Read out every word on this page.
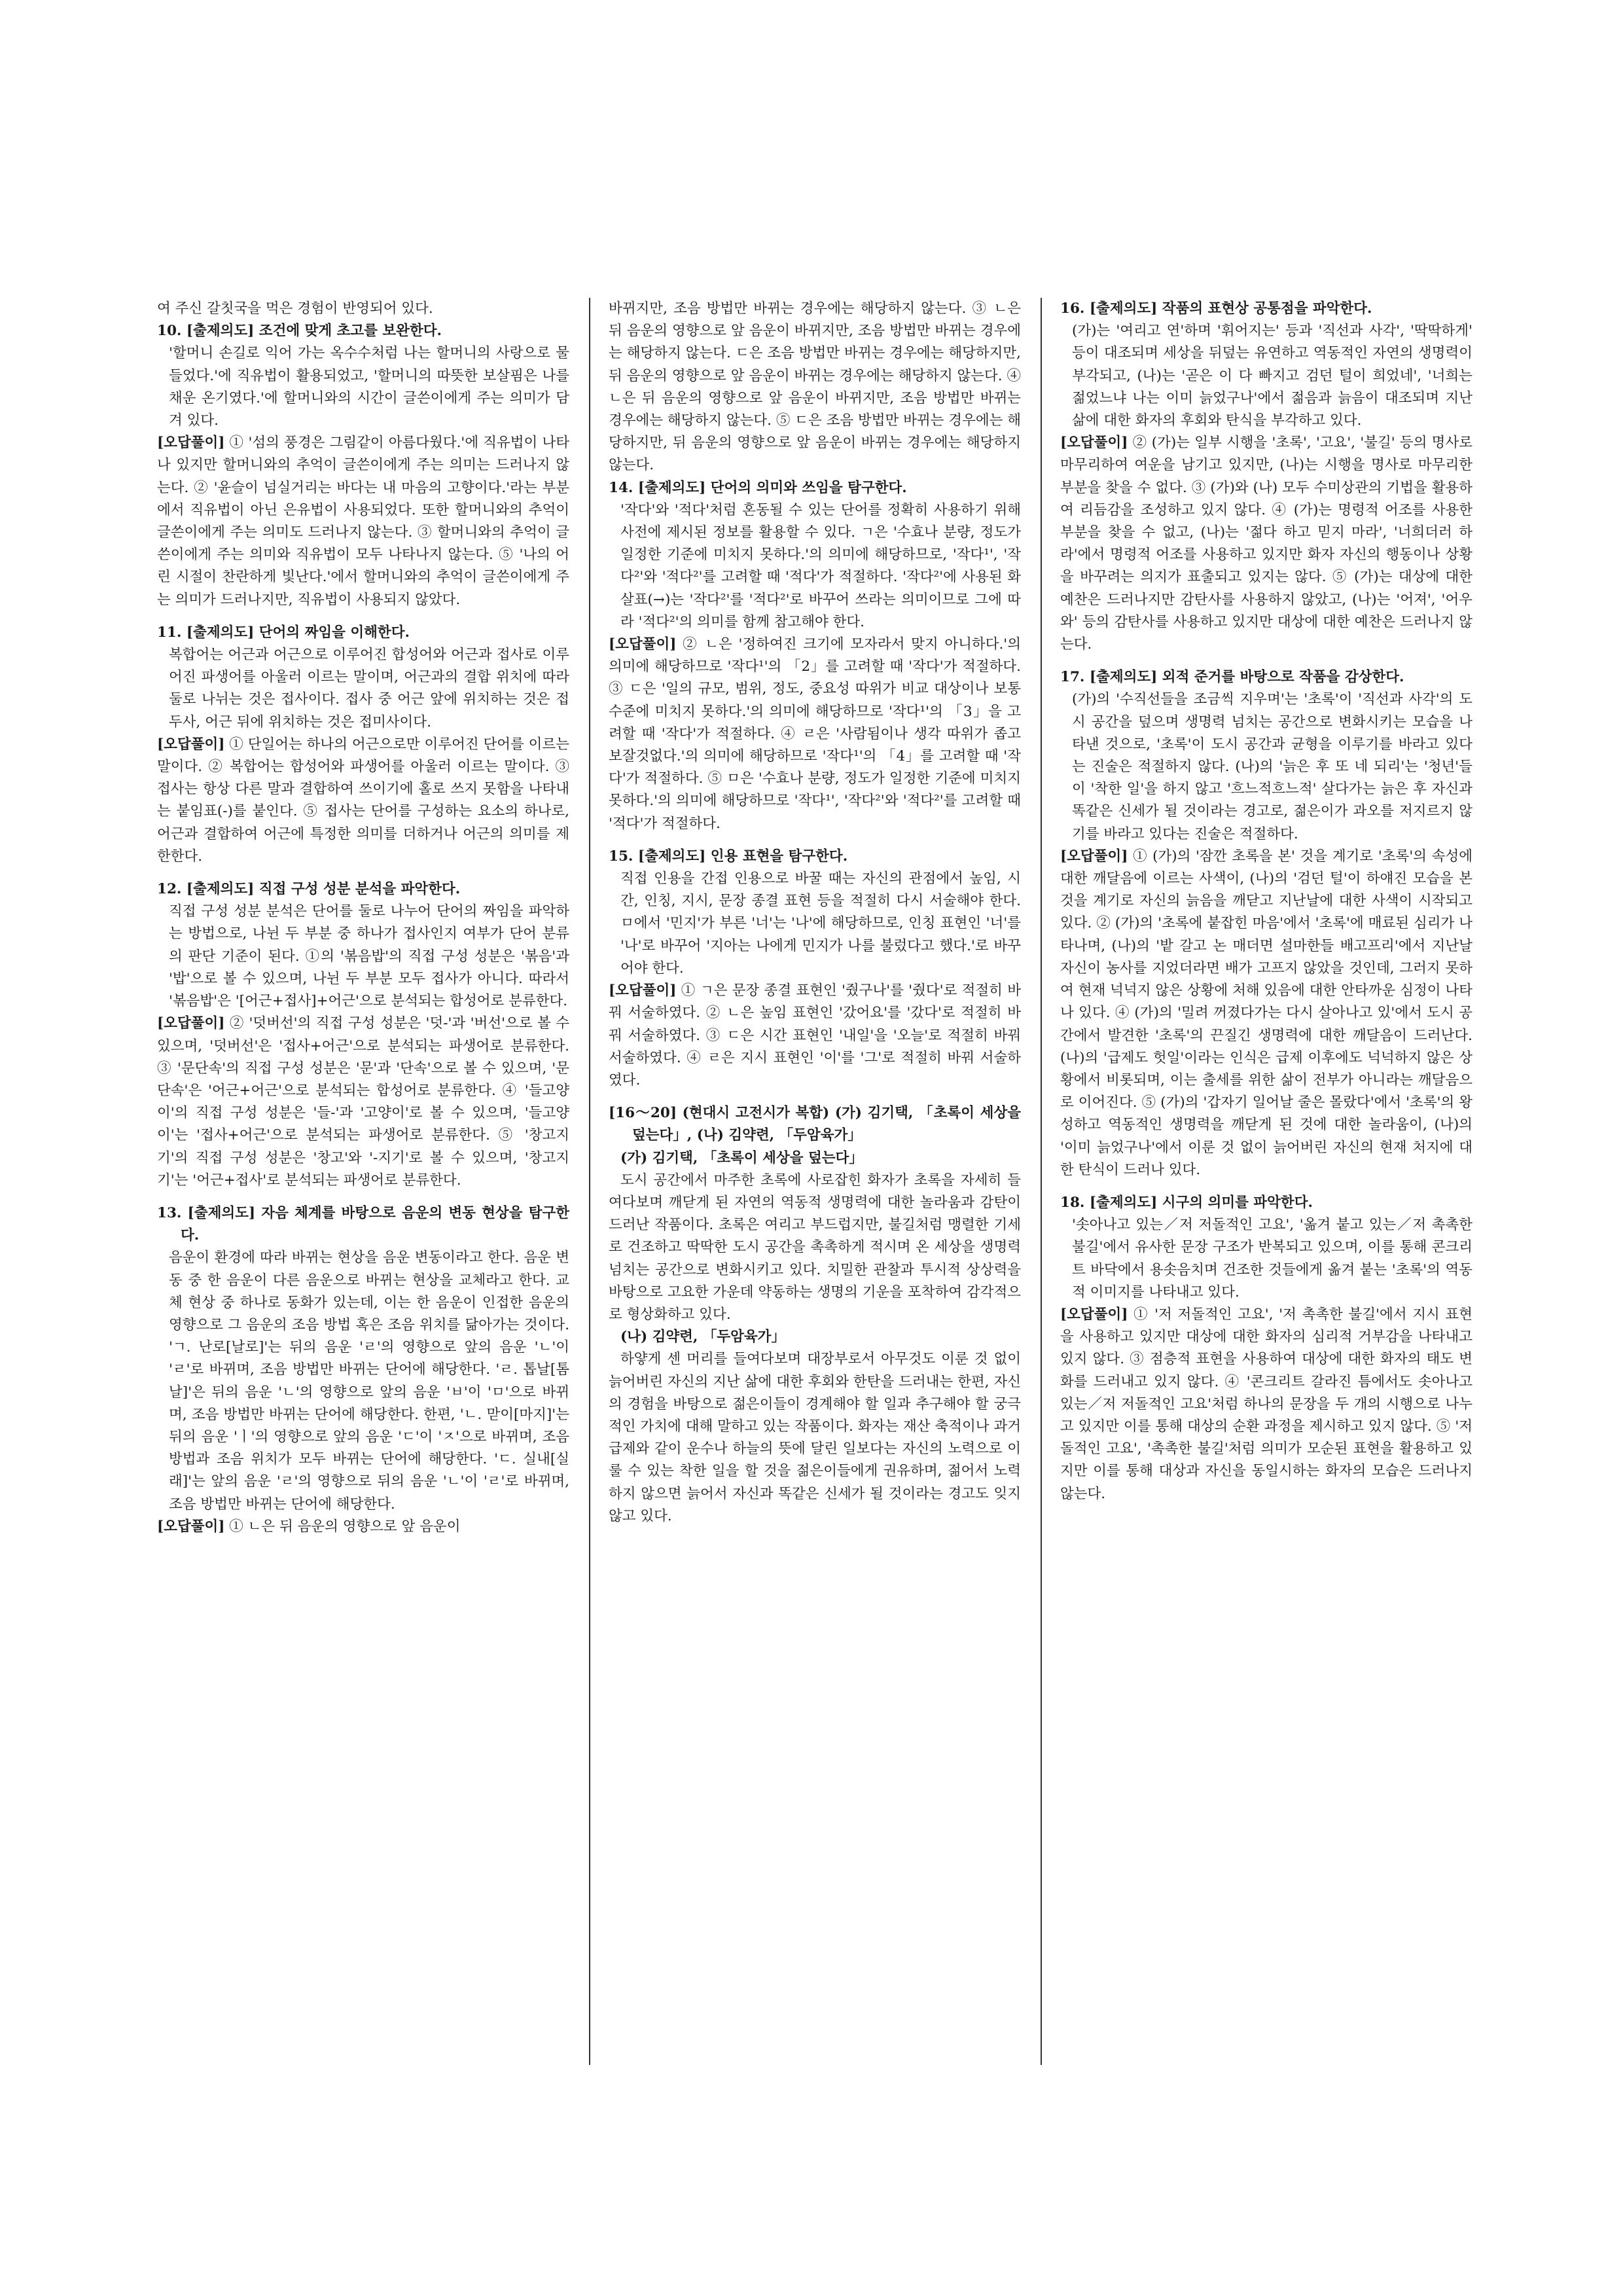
여 주신 갈칫국을 먹은 경험이 반영되어 있다.

10. [출제의도] 조건에 맞게 초고를 보완한다.

'할머니 손길로 익어 가는 옥수수처럼 나는 할머니의 사랑으로 물들었다.'에 직유법이 활용되었고, '할머니의 따뜻한 보살핌은 나를 채운 온기였다.'에 할머니와의 시간이 글쓴이에게 주는 의미가 담겨 있다.

[오답풀이] ① '섬의 풍경은 그림같이 아름다웠다.'에 직유법이 나타나 있지만 할머니와의 추억이 글쓴이에게 주는 의미는 드러나지 않는다. ② '윤슬이 넘실거리는 바다는 내 마음의 고향이다.'라는 부분에서 직유법이 아닌 은유법이 사용되었다. 또한 할머니와의 추억이 글쓴이에게 주는 의미도 드러나지 않는다. ③ 할머니와의 추억이 글쓴이에게 주는 의미와 직유법이 모두 나타나지 않는다. ⑤ '나의 어린 시절이 찬란하게 빛난다.'에서 할머니와의 추억이 글쓴이에게 주는 의미가 드러나지만, 직유법이 사용되지 않았다.

11. [출제의도] 단어의 짜임을 이해한다.

복합어는 어근과 어근으로 이루어진 합성어와 어근과 접사로 이루어진 파생어를 아울러 이르는 말이며, 어근과의 결합 위치에 따라 둘로 나뉘는 것은 접사이다. 접사 중 어근 앞에 위치하는 것은 접두사, 어근 뒤에 위치하는 것은 접미사이다.

[오답풀이] ① 단일어는 하나의 어근으로만 이루어진 단어를 이르는 말이다. ② 복합어는 합성어와 파생어를 아울러 이르는 말이다. ③ 접사는 항상 다른 말과 결합하여 쓰이기에 홀로 쓰지 못함을 나타내는 붙임표(-)를 붙인다. ⑤ 접사는 단어를 구성하는 요소의 하나로, 어근과 결합하여 어근에 특정한 의미를 더하거나 어근의 의미를 제한한다.

12. [출제의도] 직접 구성 성분 분석을 파악한다.

직접 구성 성분 분석은 단어를 둘로 나누어 단어의 짜임을 파악하는 방법으로, 나뉜 두 부분 중 하나가 접사인지 여부가 단어 분류의 판단 기준이 된다. ①의 '볶음밥'의 직접 구성 성분은 '볶음'과 '밥'으로 볼 수 있으며, 나뉜 두 부분 모두 접사가 아니다. 따라서 '볶음밥'은 '[어근+접사]+어근'으로 분석되는 합성어로 분류한다.

[오답풀이] ② '덧버선'의 직접 구성 성분은 '덧-'과 '버선'으로 볼 수 있으며, '덧버선'은 '접사+어근'으로 분석되는 파생어로 분류한다. ③ '문단속'의 직접 구성 성분은 '문'과 '단속'으로 볼 수 있으며, '문단속'은 '어근+어근'으로 분석되는 합성어로 분류한다. ④ '들고양이'의 직접 구성 성분은 '들-'과 '고양이'로 볼 수 있으며, '들고양이'는 '접사+어근'으로 분석되는 파생어로 분류한다. ⑤ '창고지기'의 직접 구성 성분은 '창고'와 '-지기'로 볼 수 있으며, '창고지기'는 '어근+접사'로 분석되는 파생어로 분류한다.

13. [출제의도] 자음 체계를 바탕으로 음운의 변동 현상을 탐구한다.

음운이 환경에 따라 바뀌는 현상을 음운 변동이라고 한다. 음운 변동 중 한 음운이 다른 음운으로 바뀌는 현상을 교체라고 한다. 교체 현상 중 하나로 동화가 있는데, 이는 한 음운이 인접한 음운의 영향으로 그 음운의 조음 방법 혹은 조음 위치를 닮아가는 것이다. 'ㄱ. 난로[날로]'는 뒤의 음운 'ㄹ'의 영향으로 앞의 음운 'ㄴ'이 'ㄹ'로 바뀌며, 조음 방법만 바뀌는 단어에 해당한다. 'ㄹ. 톱날[톰날]'은 뒤의 음운 'ㄴ'의 영향으로 앞의 음운 'ㅂ'이 'ㅁ'으로 바뀌며, 조음 방법만 바뀌는 단어에 해당한다. 한편, 'ㄴ. 맏이[마지]'는 뒤의 음운 'ㅣ'의 영향으로 앞의 음운 'ㄷ'이 'ㅈ'으로 바뀌며, 조음 방법과 조음 위치가 모두 바뀌는 단어에 해당한다. 'ㄷ. 실내[실래]'는 앞의 음운 'ㄹ'의 영향으로 뒤의 음운 'ㄴ'이 'ㄹ'로 바뀌며, 조음 방법만 바뀌는 단어에 해당한다.

[오답풀이] ① ㄴ은 뒤 음운의 영향으로 앞 음운이

바뀌지만, 조음 방법만 바뀌는 경우에는 해당하지 않는다. ③ ㄴ은 뒤 음운의 영향으로 앞 음운이 바뀌지만, 조음 방법만 바뀌는 경우에는 해당하지 않는다. ㄷ은 조음 방법만 바뀌는 경우에는 해당하지만, 뒤 음운의 영향으로 앞 음운이 바뀌는 경우에는 해당하지 않는다. ④ ㄴ은 뒤 음운의 영향으로 앞 음운이 바뀌지만, 조음 방법만 바뀌는 경우에는 해당하지 않는다. ⑤ ㄷ은 조음 방법만 바뀌는 경우에는 해당하지만, 뒤 음운의 영향으로 앞 음운이 바뀌는 경우에는 해당하지 않는다.

14. [출제의도] 단어의 의미와 쓰임을 탐구한다.

'작다'와 '적다'처럼 혼동될 수 있는 단어를 정확히 사용하기 위해 사전에 제시된 정보를 활용할 수 있다. ㄱ은 '수효나 분량, 정도가 일정한 기준에 미치지 못하다.'의 의미에 해당하므로, '작다¹', '작다²'와 '적다²'를 고려할 때 '적다'가 적절하다. '작다²'에 사용된 화살표(→)는 '작다²'를 '적다²'로 바꾸어 쓰라는 의미이므로 그에 따라 '적다²'의 의미를 함께 참고해야 한다.

[오답풀이] ② ㄴ은 '정하여진 크기에 모자라서 맞지 아니하다.'의 의미에 해당하므로 '작다¹'의 「2」를 고려할 때 '작다'가 적절하다. ③ ㄷ은 '일의 규모, 범위, 정도, 중요성 따위가 비교 대상이나 보통 수준에 미치지 못하다.'의 의미에 해당하므로 '작다¹'의 「3」을 고려할 때 '작다'가 적절하다. ④ ㄹ은 '사람됨이나 생각 따위가 좁고 보잘것없다.'의 의미에 해당하므로 '작다¹'의 「4」를 고려할 때 '작다'가 적절하다. ⑤ ㅁ은 '수효나 분량, 정도가 일정한 기준에 미치지 못하다.'의 의미에 해당하므로 '작다¹', '작다²'와 '적다²'를 고려할 때 '적다'가 적절하다.

15. [출제의도] 인용 표현을 탐구한다.

직접 인용을 간접 인용으로 바꿀 때는 자신의 관점에서 높임, 시간, 인칭, 지시, 문장 종결 표현 등을 적절히 다시 서술해야 한다. ㅁ에서 '민지'가 부른 '너'는 '나'에 해당하므로, 인칭 표현인 '너'를 '나'로 바꾸어 '지아는 나에게 민지가 나를 불렀다고 했다.'로 바꾸어야 한다.

[오답풀이] ① ㄱ은 문장 종결 표현인 '줬구나'를 '줬다'로 적절히 바꿔 서술하였다. ② ㄴ은 높임 표현인 '갔어요'를 '갔다'로 적절히 바꿔 서술하였다. ③ ㄷ은 시간 표현인 '내일'을 '오늘'로 적절히 바꿔 서술하였다. ④ ㄹ은 지시 표현인 '이'를 '그'로 적절히 바꿔 서술하였다.

[16～20] (현대시 고전시가 복합) (가) 김기택, 「초록이 세상을 덮는다」, (나) 김약련, 「두암육가」

(가) 김기택, 「초록이 세상을 덮는다」

도시 공간에서 마주한 초록에 사로잡힌 화자가 초록을 자세히 들여다보며 깨닫게 된 자연의 역동적 생명력에 대한 놀라움과 감탄이 드러난 작품이다. 초록은 여리고 부드럽지만, 불길처럼 맹렬한 기세로 건조하고 딱딱한 도시 공간을 촉촉하게 적시며 온 세상을 생명력 넘치는 공간으로 변화시키고 있다. 치밀한 관찰과 투시적 상상력을 바탕으로 고요한 가운데 약동하는 생명의 기운을 포착하여 감각적으로 형상화하고 있다.

(나) 김약련, 「두암육가」

하얗게 센 머리를 들여다보며 대장부로서 아무것도 이룬 것 없이 늙어버린 자신의 지난 삶에 대한 후회와 한탄을 드러내는 한편, 자신의 경험을 바탕으로 젊은이들이 경계해야 할 일과 추구해야 할 궁극적인 가치에 대해 말하고 있는 작품이다. 화자는 재산 축적이나 과거 급제와 같이 운수나 하늘의 뜻에 달린 일보다는 자신의 노력으로 이룰 수 있는 착한 일을 할 것을 젊은이들에게 권유하며, 젊어서 노력하지 않으면 늙어서 자신과 똑같은 신세가 될 것이라는 경고도 잊지 않고 있다.

16. [출제의도] 작품의 표현상 공통점을 파악한다.

(가)는 '여리고 연'하며 '휘어지는' 등과 '직선과 사각', '딱딱하게' 등이 대조되며 세상을 뒤덮는 유연하고 역동적인 자연의 생명력이 부각되고, (나)는 '곧은 이 다 빠지고 검던 털이 희었네', '너희는 젊었느냐 나는 이미 늙었구나'에서 젊음과 늙음이 대조되며 지난 삶에 대한 화자의 후회와 탄식을 부각하고 있다.

[오답풀이] ② (가)는 일부 시행을 '초록', '고요', '불길' 등의 명사로 마무리하여 여운을 남기고 있지만, (나)는 시행을 명사로 마무리한 부분을 찾을 수 없다. ③ (가)와 (나) 모두 수미상관의 기법을 활용하여 리듬감을 조성하고 있지 않다. ④ (가)는 명령적 어조를 사용한 부분을 찾을 수 없고, (나)는 '젊다 하고 믿지 마라', '너희더러 하라'에서 명령적 어조를 사용하고 있지만 화자 자신의 행동이나 상황을 바꾸려는 의지가 표출되고 있지는 않다. ⑤ (가)는 대상에 대한 예찬은 드러나지만 감탄사를 사용하지 않았고, (나)는 '어져', '어우와' 등의 감탄사를 사용하고 있지만 대상에 대한 예찬은 드러나지 않는다.

17. [출제의도] 외적 준거를 바탕으로 작품을 감상한다.

(가)의 '수직선들을 조금씩 지우며'는 '초록'이 '직선과 사각'의 도시 공간을 덮으며 생명력 넘치는 공간으로 변화시키는 모습을 나타낸 것으로, '초록'이 도시 공간과 균형을 이루기를 바라고 있다는 진술은 적절하지 않다. (나)의 '늙은 후 또 네 되리'는 '청년'들이 '착한 일'을 하지 않고 '흐느적흐느적' 살다가는 늙은 후 자신과 똑같은 신세가 될 것이라는 경고로, 젊은이가 과오를 저지르지 않기를 바라고 있다는 진술은 적절하다.

[오답풀이] ① (가)의 '잠깐 초록을 본' 것을 계기로 '초록'의 속성에 대한 깨달음에 이르는 사색이, (나)의 '검던 털'이 하얘진 모습을 본 것을 계기로 자신의 늙음을 깨닫고 지난날에 대한 사색이 시작되고 있다. ② (가)의 '초록에 붙잡힌 마음'에서 '초록'에 매료된 심리가 나타나며, (나)의 '밭 갈고 논 매더면 설마한들 배고프리'에서 지난날 자신이 농사를 지었더라면 배가 고프지 않았을 것인데, 그러지 못하여 현재 넉넉지 않은 상황에 처해 있음에 대한 안타까운 심정이 나타나 있다. ④ (가)의 '밀려 꺼졌다가는 다시 살아나고 있'에서 도시 공간에서 발견한 '초록'의 끈질긴 생명력에 대한 깨달음이 드러난다. (나)의 '급제도 헛일'이라는 인식은 급제 이후에도 넉넉하지 않은 상황에서 비롯되며, 이는 출세를 위한 삶이 전부가 아니라는 깨달음으로 이어진다. ⑤ (가)의 '갑자기 일어날 줄은 몰랐다'에서 '초록'의 왕성하고 역동적인 생명력을 깨닫게 된 것에 대한 놀라움이, (나)의 '이미 늙었구나'에서 이룬 것 없이 늙어버린 자신의 현재 처지에 대한 탄식이 드러나 있다.

18. [출제의도] 시구의 의미를 파악한다.

'솟아나고 있는／저 저돌적인 고요', '옮겨 붙고 있는／저 촉촉한 불길'에서 유사한 문장 구조가 반복되고 있으며, 이를 통해 콘크리트 바닥에서 용솟음치며 건조한 것들에게 옮겨 붙는 '초록'의 역동적 이미지를 나타내고 있다.

[오답풀이] ① '저 저돌적인 고요', '저 촉촉한 불길'에서 지시 표현을 사용하고 있지만 대상에 대한 화자의 심리적 거부감을 나타내고 있지 않다. ③ 점층적 표현을 사용하여 대상에 대한 화자의 태도 변화를 드러내고 있지 않다. ④ '콘크리트 갈라진 틈에서도 솟아나고 있는／저 저돌적인 고요'처럼 하나의 문장을 두 개의 시행으로 나누고 있지만 이를 통해 대상의 순환 과정을 제시하고 있지 않다. ⑤ '저돌적인 고요', '촉촉한 불길'처럼 의미가 모순된 표현을 활용하고 있지만 이를 통해 대상과 자신을 동일시하는 화자의 모습은 드러나지 않는다.
